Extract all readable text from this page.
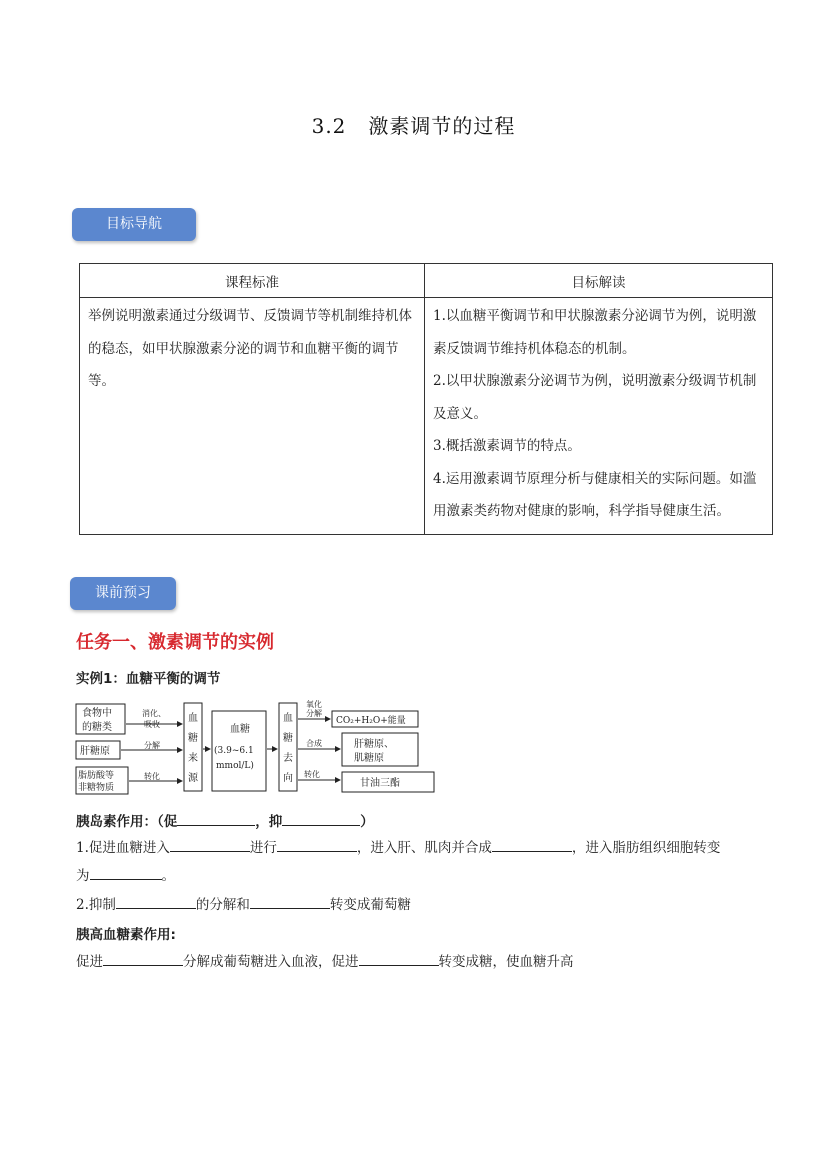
3.2 激素调节的过程
目标导航
课程标准	目标解读
举例说明激素通过分级调节、反馈调节等机制维持机体的稳态，如甲状腺激素分泌的调节和血糖平衡的调节等。	1.以血糖平衡调节和甲状腺激素分泌调节为例，说明激素反馈调节维持机体稳态的机制。

2.以甲状腺激素分泌调节为例，说明激素分级调节机制及意义。

3.概括激素调节的特点。

4.运用激素调节原理分析与健康相关的实际问题。如滥用激素类药物对健康的影响，科学指导健康生活。

课前预习
任务一、激素调节的实例
实例1：血糖平衡的调节
食物中
的糖类
肝糖原
脂肪酸等
非糖物质
消化、
吸收
分解
转化
血
糖
来
源
血糖
(3.9~6.1
mmol/L)
血
糖
去
向
氧化
分解
合成
转化
CO₂+H₂O+能量
肝糖原、
肌糖原
甘油三酯
胰岛素作用：（促	，抑	）
1.促进血糖进入	进行	，进入肝、肌肉并合成	，进入脂肪组织细胞转变
为	。
2.抑制	的分解和	转变成葡萄糖
胰高血糖素作用:
促进	分解成葡萄糖进入血液，促进	转变成糖，使血糖升高
